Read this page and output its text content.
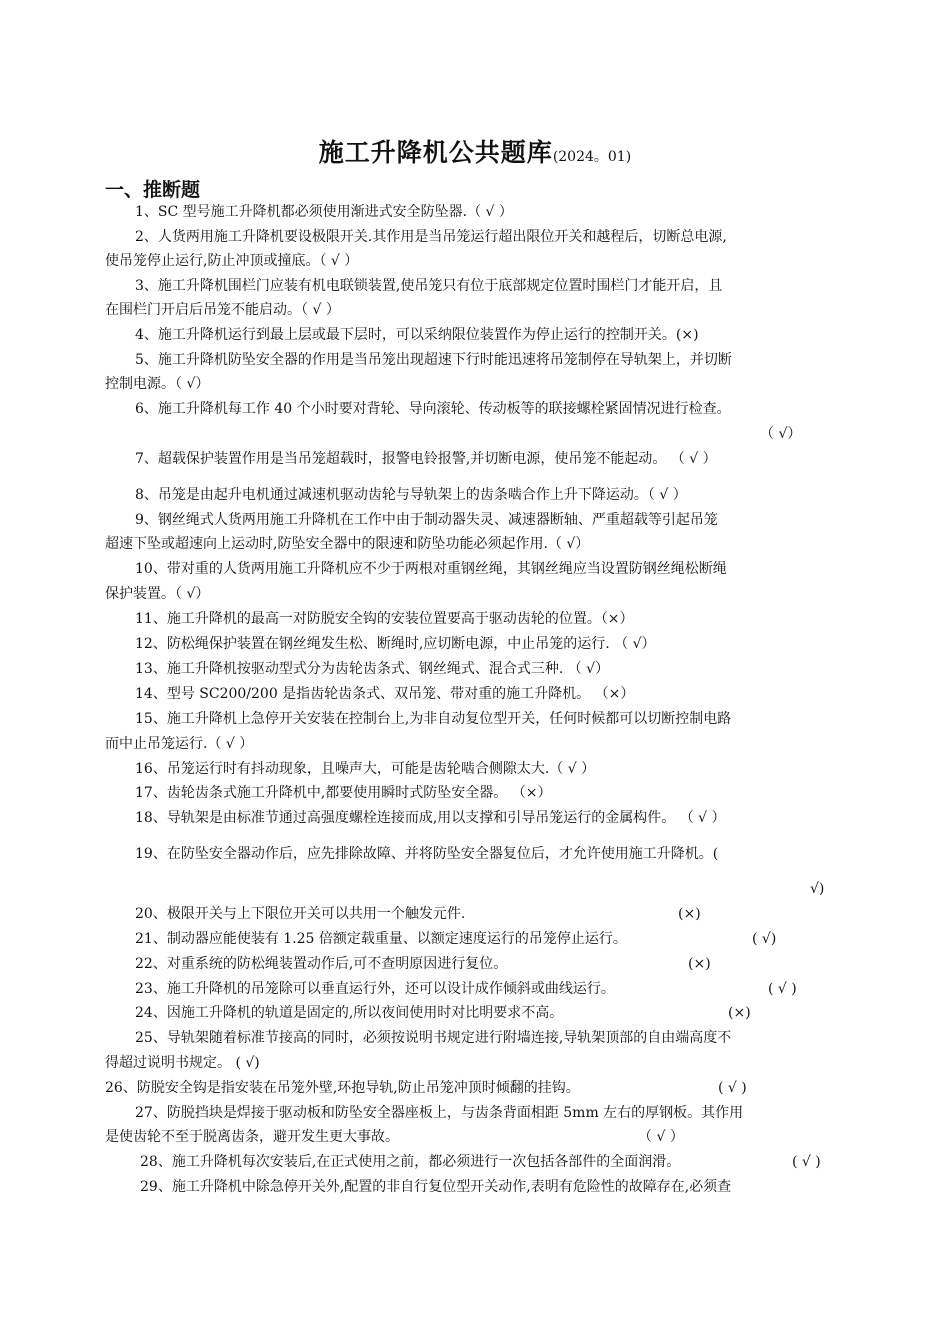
施工升降机公共题库(2024。01)
一、推断题
1、SC 型号施工升降机都必须使用渐进式安全防坠器.（ √ ）
2、人货两用施工升降机要设极限开关.其作用是当吊笼运行超出限位开关和越程后，切断总电源,
使吊笼停止运行,防止冲顶或撞底。（ √ ）
3、施工升降机围栏门应装有机电联锁装置,使吊笼只有位于底部规定位置时围栏门才能开启，且
在围栏门开启后吊笼不能启动。（ √ ）
4、施工升降机运行到最上层或最下层时，可以采纳限位装置作为停止运行的控制开关。(×)
5、施工升降机防坠安全器的作用是当吊笼出现超速下行时能迅速将吊笼制停在导轨架上，并切断
控制电源。（ √）
6、施工升降机每工作 40 个小时要对背轮、导向滚轮、传动板等的联接螺栓紧固情况进行检查。
（ √）
7、超载保护装置作用是当吊笼超载时，报警电铃报警,并切断电源，使吊笼不能起动。 （ √ ）
8、吊笼是由起升电机通过减速机驱动齿轮与导轨架上的齿条啮合作上升下降运动。（ √ ）
9、钢丝绳式人货两用施工升降机在工作中由于制动器失灵、减速器断轴、严重超载等引起吊笼
超速下坠或超速向上运动时,防坠安全器中的限速和防坠功能必须起作用.（ √）
10、带对重的人货两用施工升降机应不少于两根对重钢丝绳，其钢丝绳应当设置防钢丝绳松断绳
保护装置。（ √）
11、施工升降机的最高一对防脱安全钩的安装位置要高于驱动齿轮的位置。（×）
12、防松绳保护装置在钢丝绳发生松、断绳时,应切断电源，中止吊笼的运行. （ √）
13、施工升降机按驱动型式分为齿轮齿条式、钢丝绳式、混合式三种. （ √）
14、型号 SC200/200 是指齿轮齿条式、双吊笼、带对重的施工升降机。 （×）
15、施工升降机上急停开关安装在控制台上,为非自动复位型开关，任何时候都可以切断控制电路
而中止吊笼运行.（ √ ）
16、吊笼运行时有抖动现象，且噪声大，可能是齿轮啮合侧隙太大.（ √ ）
17、齿轮齿条式施工升降机中,都要使用瞬时式防坠安全器。 （×）
18、导轨架是由标准节通过高强度螺栓连接而成,用以支撑和引导吊笼运行的金属构件。 （ √ ）
19、在防坠安全器动作后，应先排除故障、并将防坠安全器复位后，才允许使用施工升降机。(
√)
20、极限开关与上下限位开关可以共用一个触发元件.
21、制动器应能使装有 1.25 倍额定载重量、以额定速度运行的吊笼停止运行。
22、对重系统的防松绳装置动作后,可不查明原因进行复位。
23、施工升降机的吊笼除可以垂直运行外，还可以设计成作倾斜或曲线运行。
24、因施工升降机的轨道是固定的,所以夜间使用时对比明要求不高。
25、导轨架随着标准节接高的同时，必须按说明书规定进行附墙连接,导轨架顶部的自由端高度不
得超过说明书规定。 ( √)
26、防脱安全钩是指安装在吊笼外壁,环抱导轨,防止吊笼冲顶时倾翻的挂钩。
27、防脱挡块是焊接于驱动板和防坠安全器座板上，与齿条背面相距 5mm 左右的厚钢板。其作用
是使齿轮不至于脱离齿条，避开发生更大事故。
28、施工升降机每次安装后,在正式使用之前，都必须进行一次包括各部件的全面润滑。
29、施工升降机中除急停开关外,配置的非自行复位型开关动作,表明有危险性的故障存在,必须查
(×)
( √)
(×)
( √ )
(×)
( √ )
（ √ ）
( √ )
